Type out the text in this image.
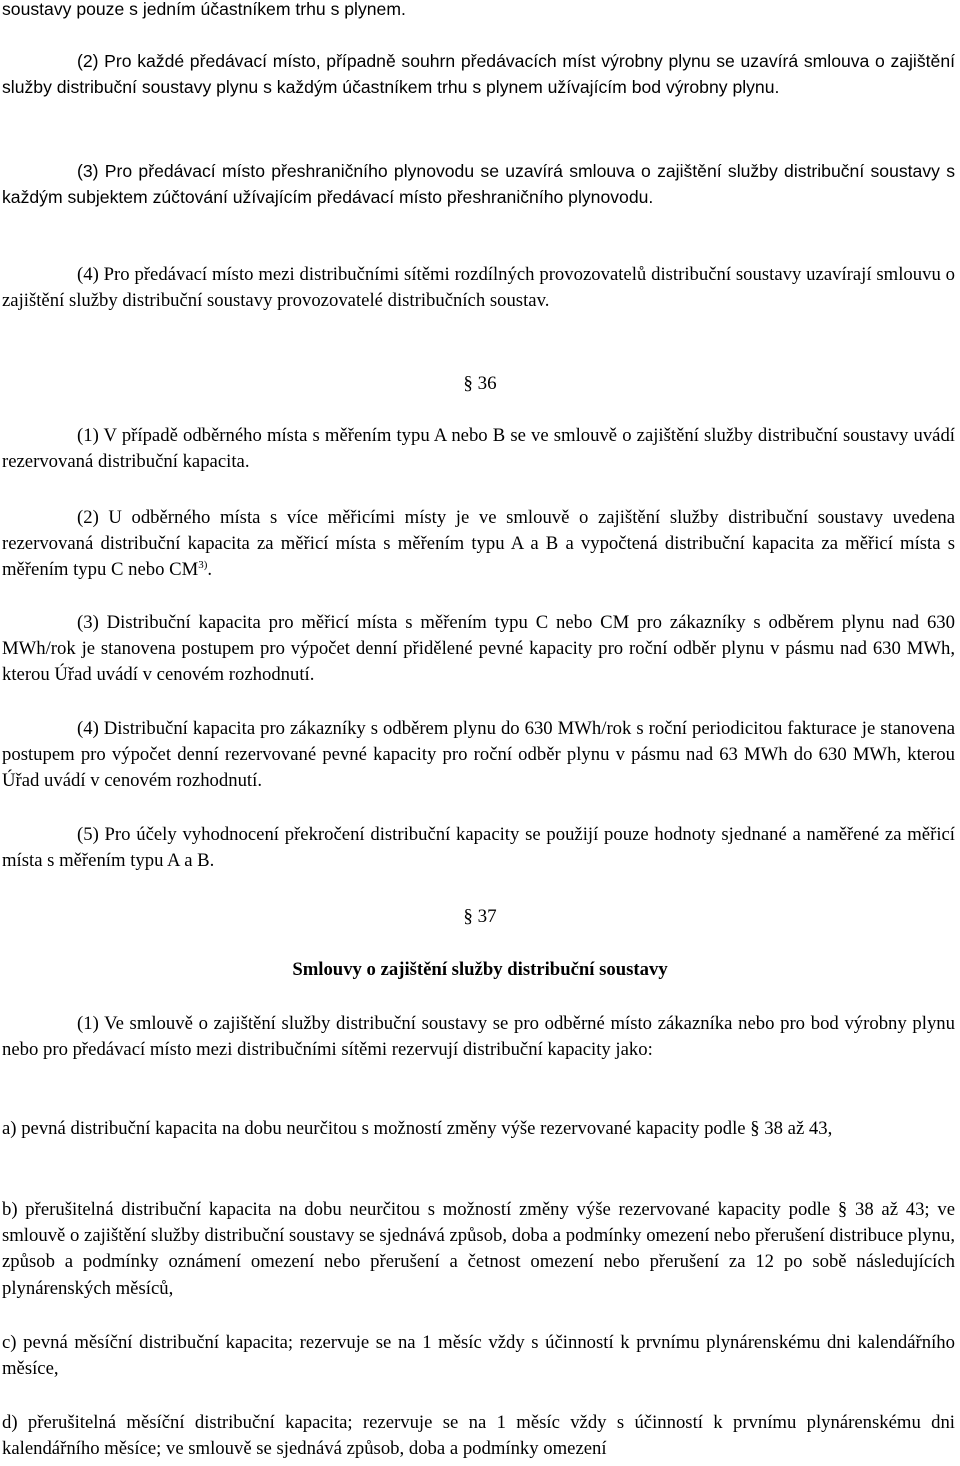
soustavy pouze s jedním účastníkem trhu s plynem.

(2) Pro každé předávací místo, případně souhrn předávacích míst výrobny plynu se uzavírá smlouva o zajištění služby distribuční soustavy plynu s každým účastníkem trhu s plynem užívajícím bod výrobny plynu.

(3) Pro předávací místo přeshraničního plynovodu se uzavírá smlouva o zajištění služby distribuční soustavy s každým subjektem zúčtování užívajícím předávací místo přeshraničního plynovodu.

(4) Pro předávací místo mezi distribučními sítěmi rozdílných provozovatelů distribuční soustavy uzavírají smlouvu o zajištění služby distribuční soustavy provozovatelé distribučních soustav.

§ 36

(1) V případě odběrného místa s měřením typu A nebo B se ve smlouvě o zajištění služby distribuční soustavy uvádí rezervovaná distribuční kapacita.

(2) U odběrného místa s více měřicími místy je ve smlouvě o zajištění služby distribuční soustavy uvedena rezervovaná distribuční kapacita za měřicí místa s měřením typu A a B a vypočtená distribuční kapacita za měřicí místa s měřením typu C nebo CM$^{3)}$.

(3) Distribuční kapacita pro měřicí místa s měřením typu C nebo CM pro zákazníky s odběrem plynu nad 630 MWh/rok je stanovena postupem pro výpočet denní přidělené pevné kapacity pro roční odběr plynu v pásmu nad 630 MWh, kterou Úřad uvádí v cenovém rozhodnutí.

(4) Distribuční kapacita pro zákazníky s odběrem plynu do 630 MWh/rok s roční periodicitou fakturace je stanovena postupem pro výpočet denní rezervované pevné kapacity pro roční odběr plynu v pásmu nad 63 MWh do 630 MWh, kterou Úřad uvádí v cenovém rozhodnutí.

(5) Pro účely vyhodnocení překročení distribuční kapacity se použijí pouze hodnoty sjednané a naměřené za měřicí místa s měřením typu A a B.

§ 37

Smlouvy o zajištění služby distribuční soustavy

(1) Ve smlouvě o zajištění služby distribuční soustavy se pro odběrné místo zákazníka nebo pro bod výrobny plynu nebo pro předávací místo mezi distribučními sítěmi rezervují distribuční kapacity jako:

a) pevná distribuční kapacita na dobu neurčitou s možností změny výše rezervované kapacity podle § 38 až 43,

b) přerušitelná distribuční kapacita na dobu neurčitou s možností změny výše rezervované kapacity podle § 38 až 43; ve smlouvě o zajištění služby distribuční soustavy se sjednává způsob, doba a podmínky omezení nebo přerušení distribuce plynu, způsob a podmínky oznámení omezení nebo přerušení a četnost omezení nebo přerušení za 12 po sobě následujících plynárenských měsíců,

c) pevná měsíční distribuční kapacita; rezervuje se na 1 měsíc vždy s účinností k prvnímu plynárenskému dni kalendářního měsíce,

d) přerušitelná měsíční distribuční kapacita; rezervuje se na 1 měsíc vždy s účinností k prvnímu plynárenskému dni kalendářního měsíce; ve smlouvě se sjednává způsob, doba a podmínky omezení
